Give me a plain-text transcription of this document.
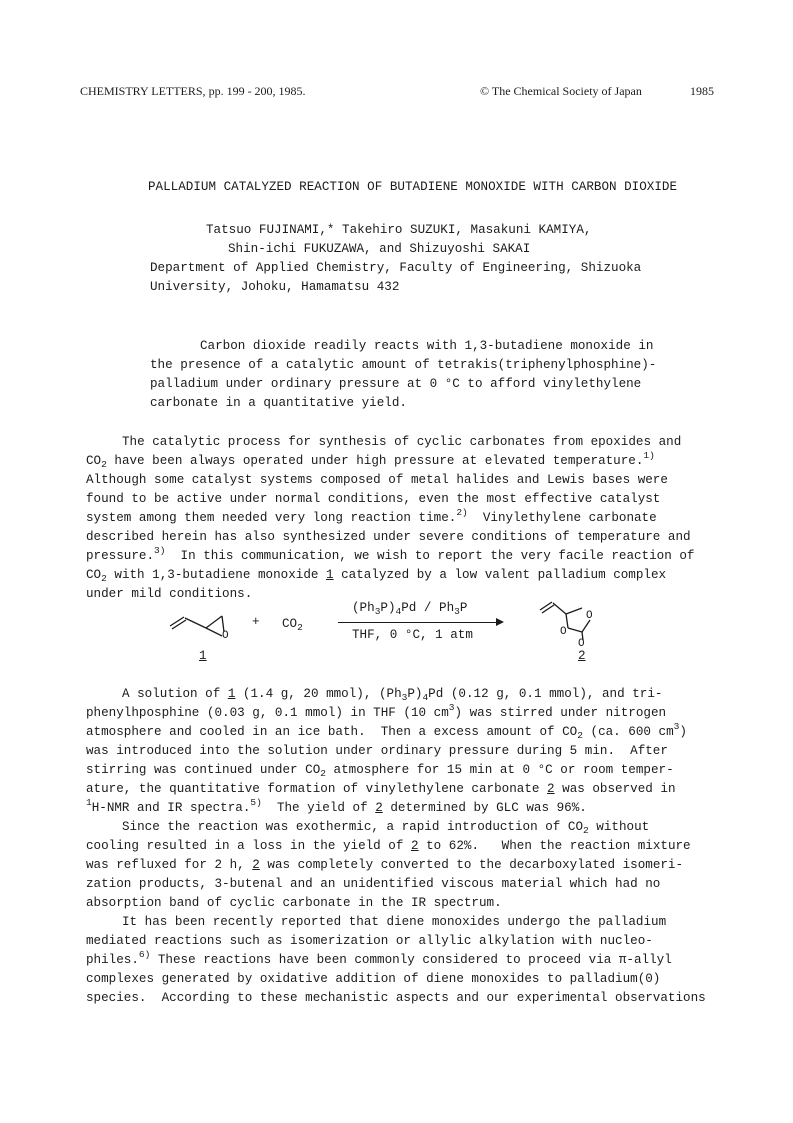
CHEMISTRY LETTERS, pp. 199 - 200, 1985.	© The Chemical Society of Japan	1985
PALLADIUM CATALYZED REACTION OF BUTADIENE MONOXIDE WITH CARBON DIOXIDE
Tatsuo FUJINAMI,* Takehiro SUZUKI, Masakuni KAMIYA,
Shin-ichi FUKUZAWA, and Shizuyoshi SAKAI
Department of Applied Chemistry, Faculty of Engineering, Shizuoka
University, Johoku, Hamamatsu 432
Carbon dioxide readily reacts with 1,3-butadiene monoxide in
the presence of a catalytic amount of tetrakis(triphenylphosphine)-
palladium under ordinary pressure at 0 °C to afford vinylethylene
carbonate in a quantitative yield.
The catalytic process for synthesis of cyclic carbonates from epoxides and
$CO_2$ have been always operated under high pressure at elevated temperature.$^{1)}$
Although some catalyst systems composed of metal halides and Lewis bases were
found to be active under normal conditions, even the most effective catalyst
system among them needed very long reaction time.$^{2)}$  Vinylethylene carbonate
described herein has also synthesized under severe conditions of temperature and
pressure.$^{3)}$  In this communication, we wish to report the very facile reaction of
$CO_2$ with 1,3-butadiene monoxide 1 catalyzed by a low valent palladium complex
under mild conditions.
O
+ $CO_2$
$(Ph_3P)_4Pd / Ph_3P$
THF, 0 °C, 1 atm
O
O
O
1	2
A solution of 1 (1.4 g, 20 mmol), $(Ph_3P)_4Pd$ (0.12 g, 0.1 mmol), and tri-
phenylhposphine (0.03 g, 0.1 mmol) in THF (10 $cm^3$) was stirred under nitrogen
atmosphere and cooled in an ice bath.  Then a excess amount of $CO_2$ (ca. 600 $cm^3$)
was introduced into the solution under ordinary pressure during 5 min.  After
stirring was continued under $CO_2$ atmosphere for 15 min at 0 °C or room temper-
ature, the quantitative formation of vinylethylene carbonate 2 was observed in
$^1$H-NMR and IR spectra.$^{5)}$  The yield of 2 determined by GLC was 96%.
Since the reaction was exothermic, a rapid introduction of $CO_2$ without
cooling resulted in a loss in the yield of 2 to 62%.   When the reaction mixture
was refluxed for 2 h, 2 was completely converted to the decarboxylated isomeri-
zation products, 3-butenal and an unidentified viscous material which had no
absorption band of cyclic carbonate in the IR spectrum.
It has been recently reported that diene monoxides undergo the palladium
mediated reactions such as isomerization or allylic alkylation with nucleo-
philes.$^{6)}$ These reactions have been commonly considered to proceed via π-allyl
complexes generated by oxidative addition of diene monoxides to palladium(0)
species.  According to these mechanistic aspects and our experimental observations
